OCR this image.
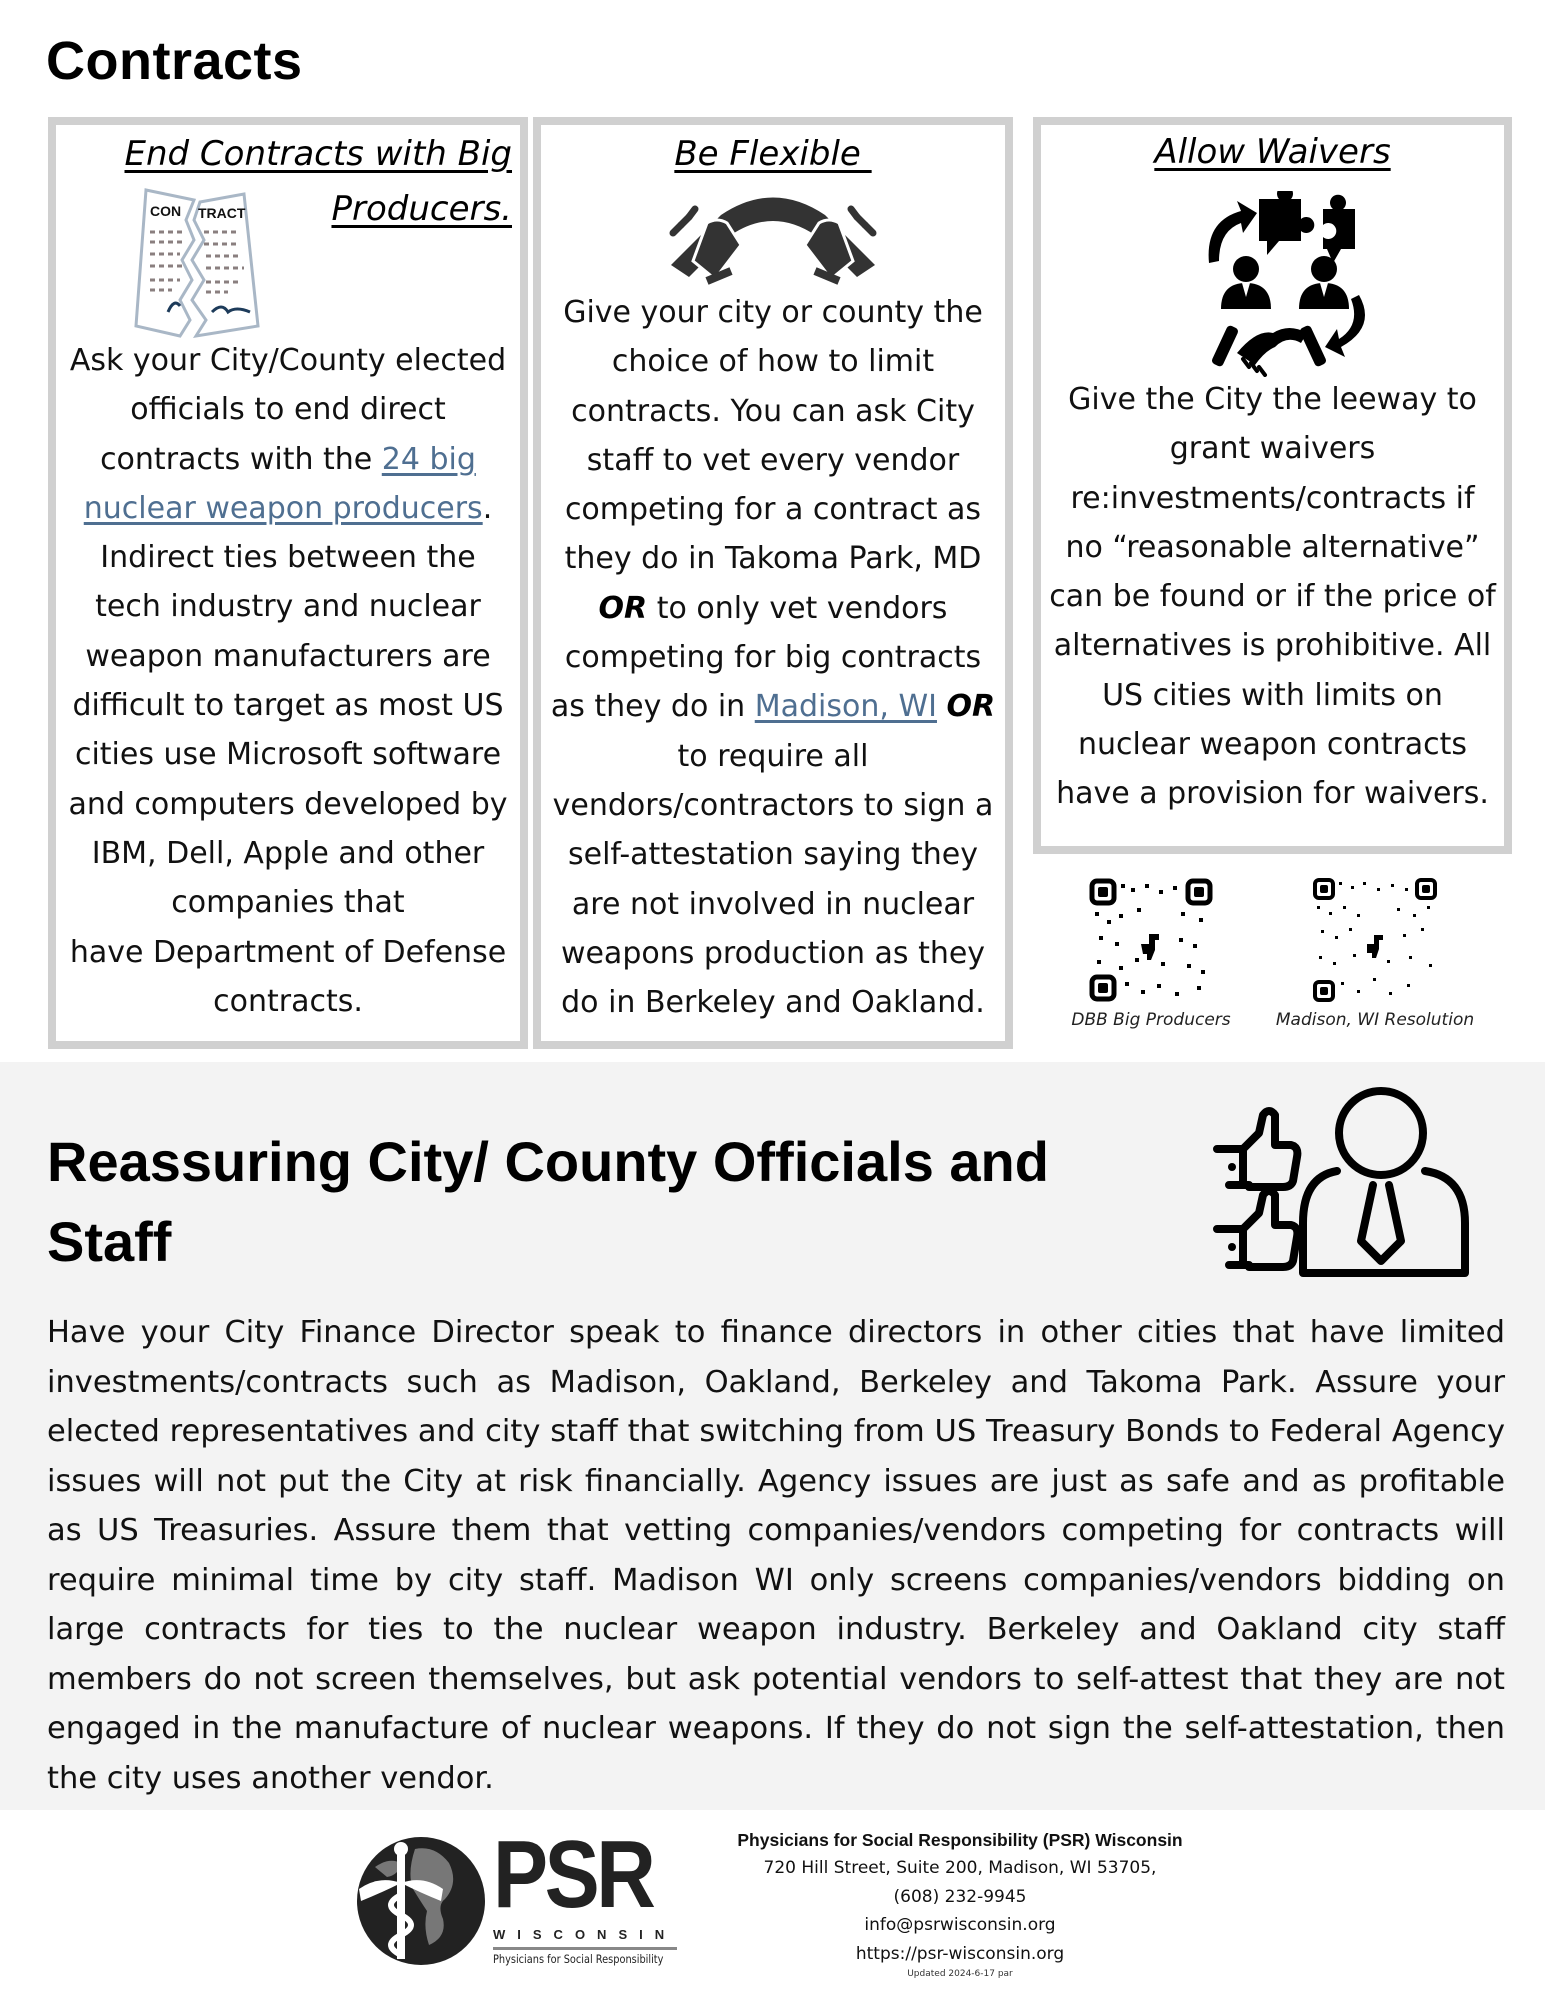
Contracts
End Contracts with Big
Producers.
CON TRACT
Ask your City/County elected officials to end direct contracts with the 24 big nuclear weapon producers. Indirect ties between the tech industry and nuclear weapon manufacturers are difficult to target as most US cities use Microsoft software and computers developed by IBM, Dell, Apple and other companies that
have Department of Defense contracts.
Be Flexible
Give your city or county the choice of how to limit contracts. You can ask City staff to vet every vendor competing for a contract as they do in Takoma Park, MD
OR to only vet vendors competing for big contracts as they do in Madison, WI OR
to require all vendors/contractors to sign a self-attestation saying they are not involved in nuclear weapons production as they do in Berkeley and Oakland.
Allow Waivers
Give the City the leeway to grant waivers re:investments/contracts if no “reasonable alternative” can be found or if the price of alternatives is prohibitive. All US cities with limits on nuclear weapon contracts have a provision for waivers.
DBB Big Producers	Madison, WI Resolution
Reassuring City/ County Officials and Staff

Have your City Finance Director speak to finance directors in other cities that have limited investments/contracts such as Madison, Oakland, Berkeley and Takoma Park. Assure your elected representatives and city staff that switching from US Treasury Bonds to Federal Agency issues will not put the City at risk financially. Agency issues are just as safe and as profitable as US Treasuries. Assure them that vetting companies/vendors competing for contracts will require minimal time by city staff. Madison WI only screens companies/vendors bidding on large contracts for ties to the nuclear weapon industry. Berkeley and Oakland city staff members do not screen themselves, but ask potential vendors to self-attest that they are not engaged in the manufacture of nuclear weapons. If they do not sign the self-attestation, then the city uses another vendor.

PSR
WISCONSIN
Physicians for Social Responsibility
Physicians for Social Responsibility (PSR) Wisconsin
720 Hill Street, Suite 200, Madison, WI 53705,
(608) 232-9945
info@psrwisconsin.org
https://psr-wisconsin.org
Updated 2024-6-17 par
